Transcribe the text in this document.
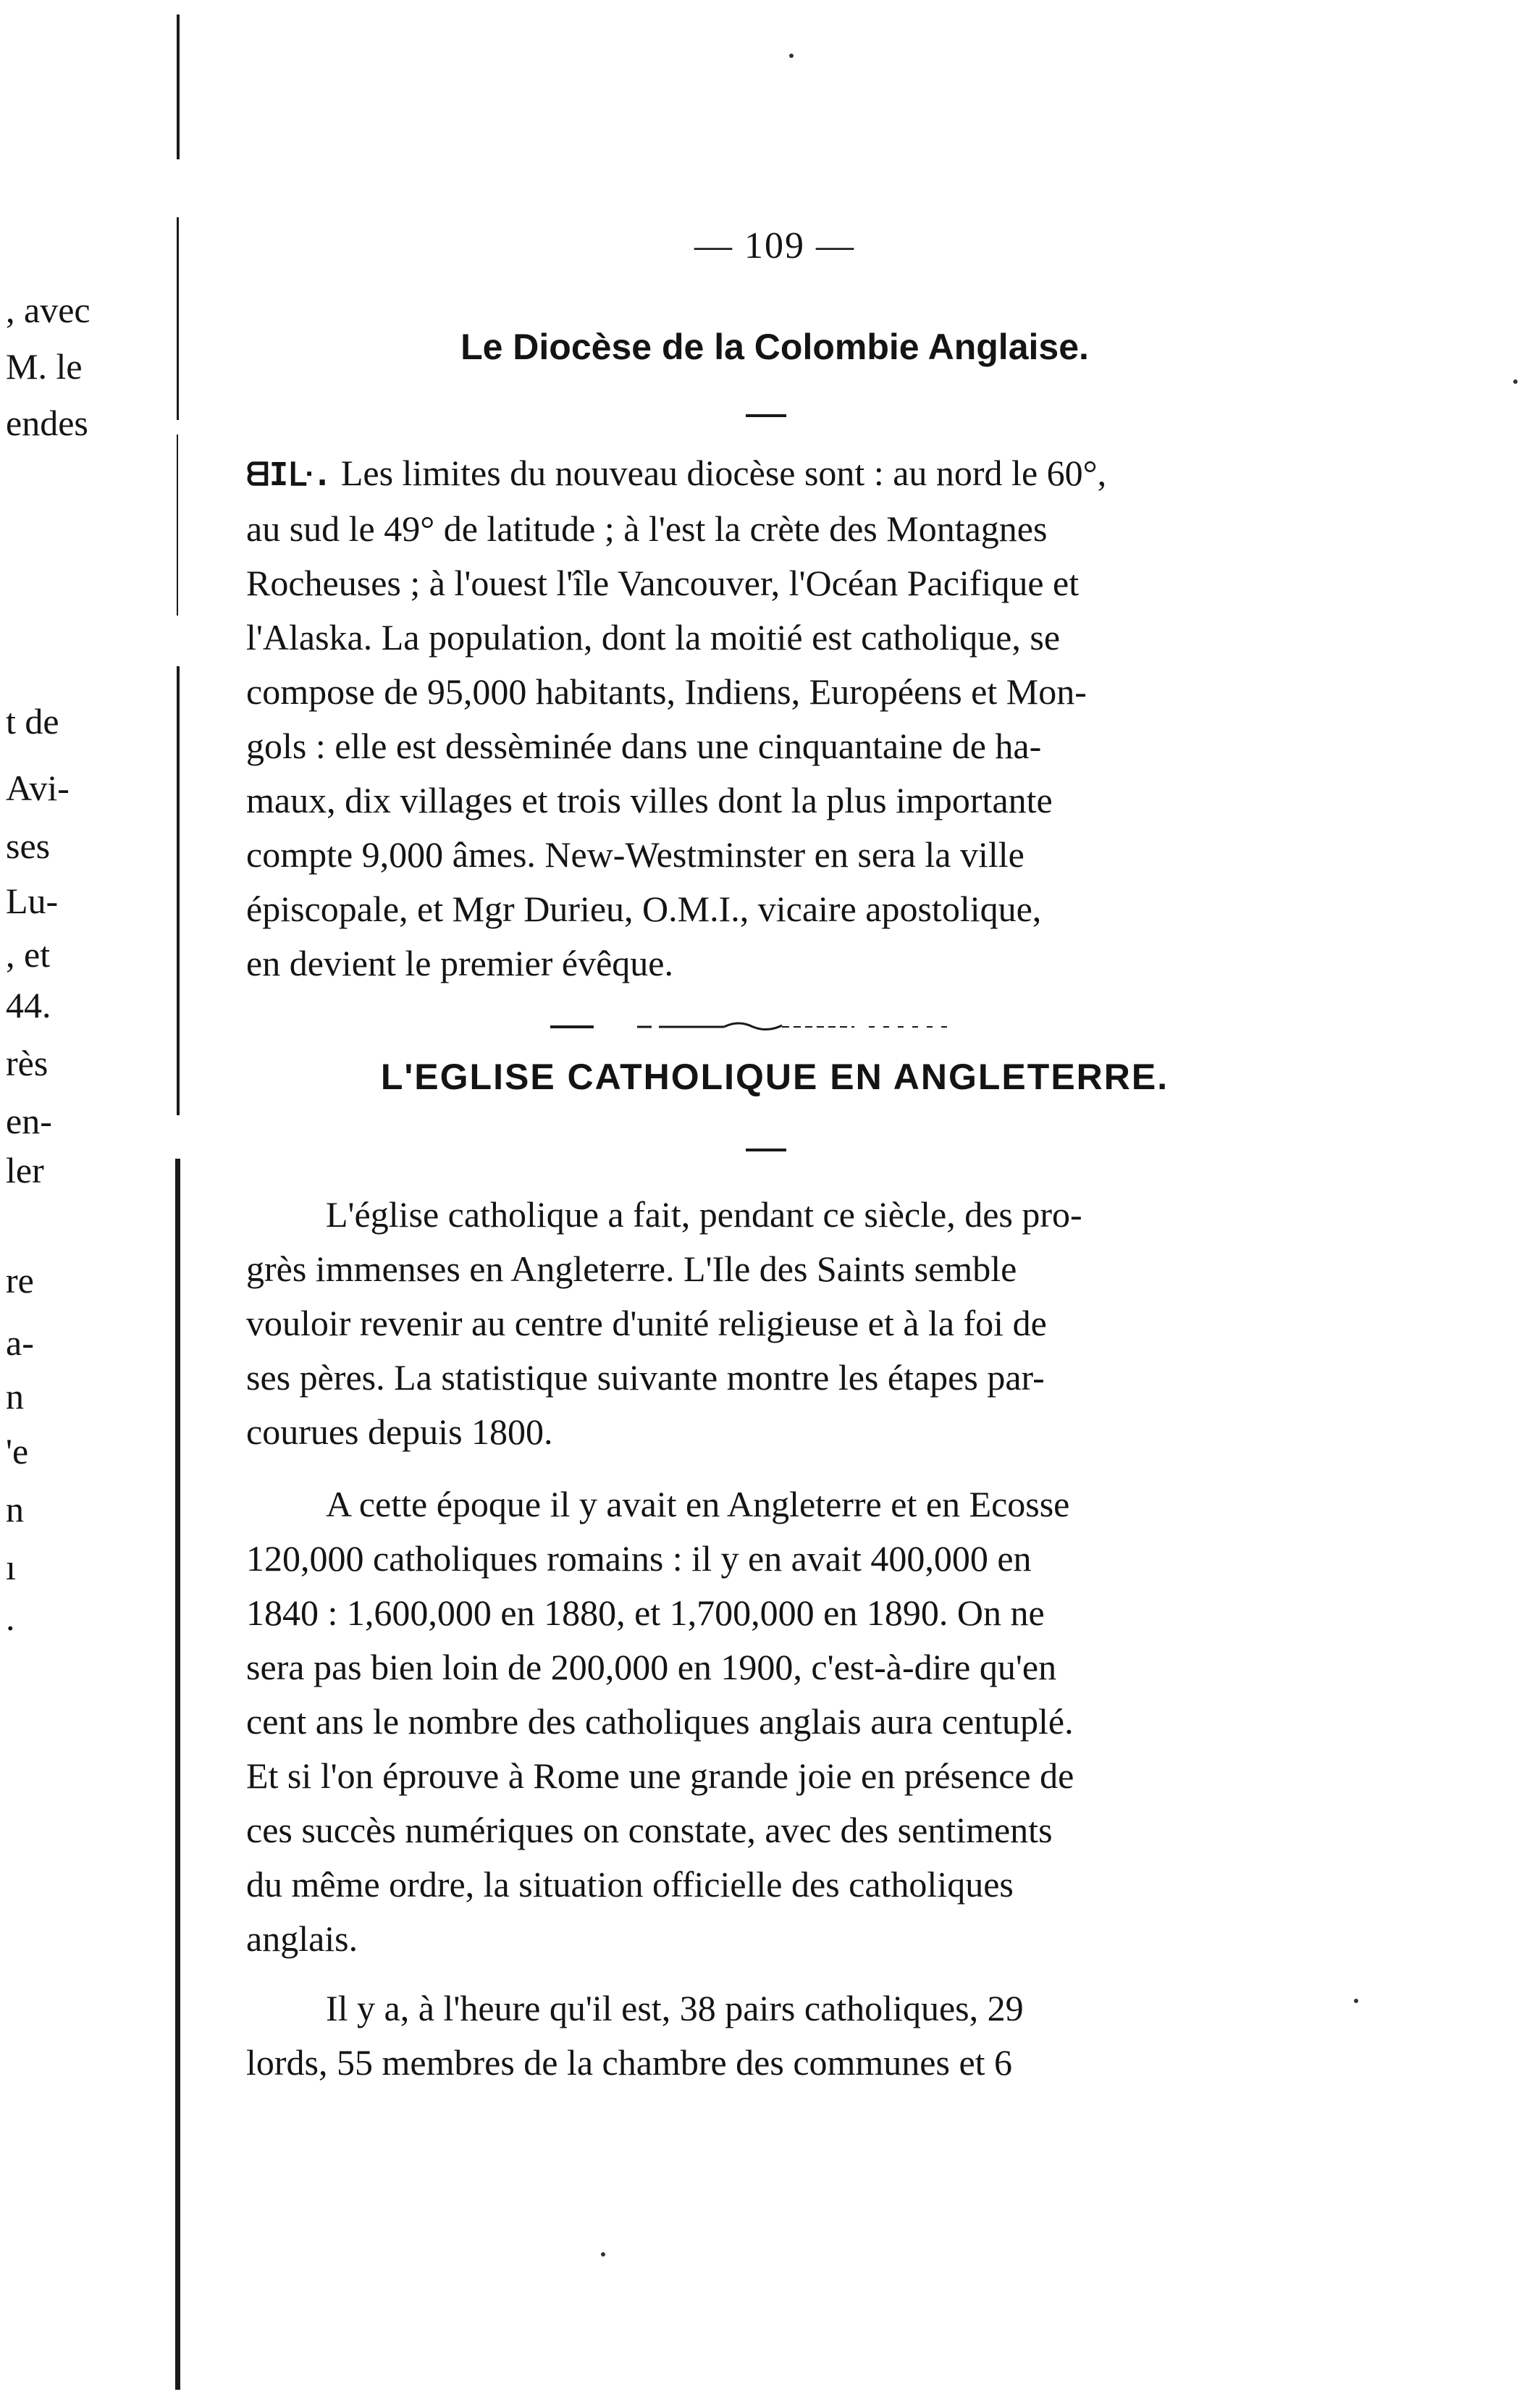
, avec
M. le
endes
t de
Avi-
ses
Lu-
, et
44.
rès
en-
ler
re
a-
n
'e
n
ı
.
— 109 —
Le Diocèse de la Colombie Anglaise.
ᗺIᒷ. Les limites du nouveau diocèse sont : au nord le 60°,
au sud le 49° de latitude ; à l'est la crète des Montagnes
Rocheuses ; à l'ouest l'île Vancouver, l'Océan Pacifique et
l'Alaska. La population, dont la moitié est catholique, se
compose de 95,000 habitants, Indiens, Européens et Mon-
gols : elle est dessèminée dans une cinquantaine de ha-
maux, dix villages et trois villes dont la plus importante
compte 9,000 âmes. New-Westminster en sera la ville
épiscopale, et Mgr Durieu, O.M.I., vicaire apostolique,
en devient le premier évêque.
L'EGLISE CATHOLIQUE EN ANGLETERRE.
L'église catholique a fait, pendant ce siècle, des pro-
grès immenses en Angleterre. L'Ile des Saints semble
vouloir revenir au centre d'unité religieuse et à la foi de
ses pères. La statistique suivante montre les étapes par-
courues depuis 1800.
A cette époque il y avait en Angleterre et en Ecosse
120,000 catholiques romains : il y en avait 400,000 en
1840 : 1,600,000 en 1880, et 1,700,000 en 1890. On ne
sera pas bien loin de 200,000 en 1900, c'est-à-dire qu'en
cent ans le nombre des catholiques anglais aura centuplé.
Et si l'on éprouve à Rome une grande joie en présence de
ces succès numériques on constate, avec des sentiments
du même ordre, la situation officielle des catholiques
anglais.
Il y a, à l'heure qu'il est, 38 pairs catholiques, 29
lords, 55 membres de la chambre des communes et 6
